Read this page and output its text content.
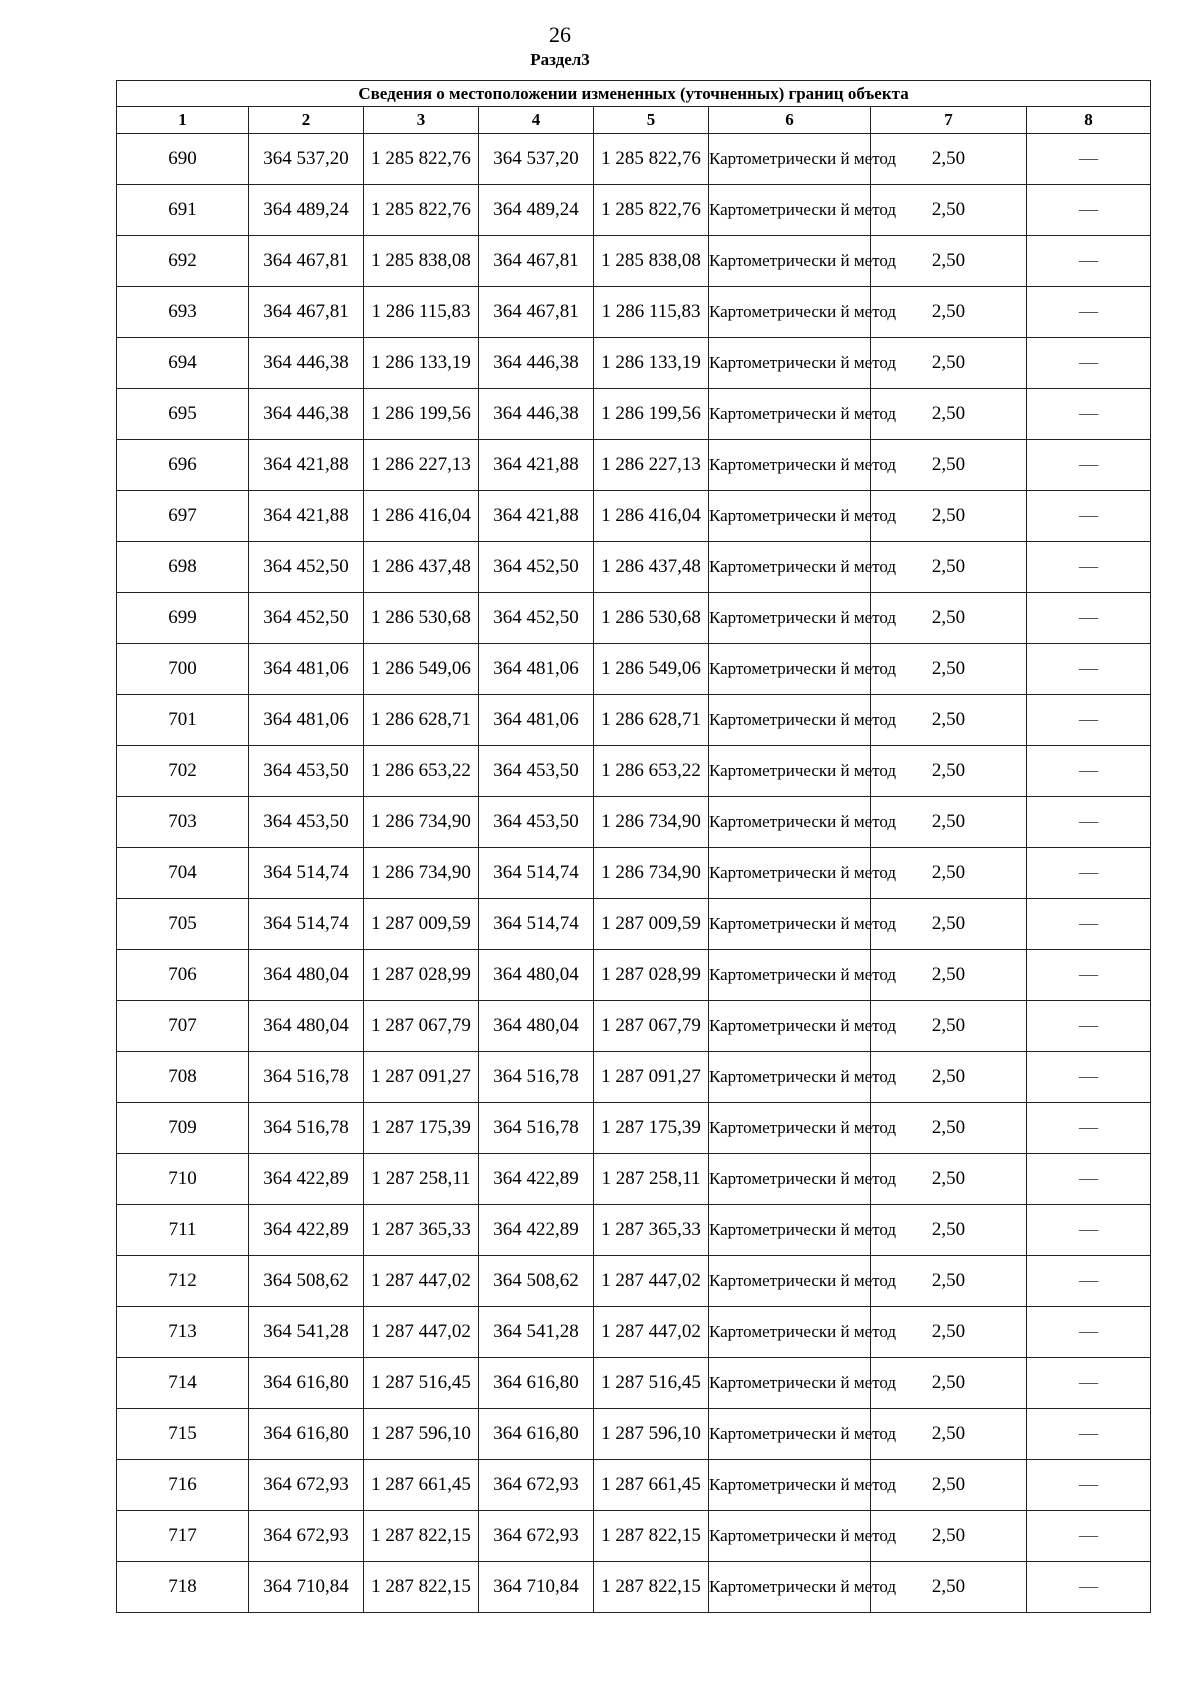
26
Раздел3
Сведения о местоположении измененных (уточненных) границ объекта							
1	2	3	4	5	6	7	8
690	364 537,20	1 285 822,76	364 537,20	1 285 822,76	Картометрически й метод	2,50	—
691	364 489,24	1 285 822,76	364 489,24	1 285 822,76	Картометрически й метод	2,50	—
692	364 467,81	1 285 838,08	364 467,81	1 285 838,08	Картометрически й метод	2,50	—
693	364 467,81	1 286 115,83	364 467,81	1 286 115,83	Картометрически й метод	2,50	—
694	364 446,38	1 286 133,19	364 446,38	1 286 133,19	Картометрически й метод	2,50	—
695	364 446,38	1 286 199,56	364 446,38	1 286 199,56	Картометрически й метод	2,50	—
696	364 421,88	1 286 227,13	364 421,88	1 286 227,13	Картометрически й метод	2,50	—
697	364 421,88	1 286 416,04	364 421,88	1 286 416,04	Картометрически й метод	2,50	—
698	364 452,50	1 286 437,48	364 452,50	1 286 437,48	Картометрически й метод	2,50	—
699	364 452,50	1 286 530,68	364 452,50	1 286 530,68	Картометрически й метод	2,50	—
700	364 481,06	1 286 549,06	364 481,06	1 286 549,06	Картометрически й метод	2,50	—
701	364 481,06	1 286 628,71	364 481,06	1 286 628,71	Картометрически й метод	2,50	—
702	364 453,50	1 286 653,22	364 453,50	1 286 653,22	Картометрически й метод	2,50	—
703	364 453,50	1 286 734,90	364 453,50	1 286 734,90	Картометрически й метод	2,50	—
704	364 514,74	1 286 734,90	364 514,74	1 286 734,90	Картометрически й метод	2,50	—
705	364 514,74	1 287 009,59	364 514,74	1 287 009,59	Картометрически й метод	2,50	—
706	364 480,04	1 287 028,99	364 480,04	1 287 028,99	Картометрически й метод	2,50	—
707	364 480,04	1 287 067,79	364 480,04	1 287 067,79	Картометрически й метод	2,50	—
708	364 516,78	1 287 091,27	364 516,78	1 287 091,27	Картометрически й метод	2,50	—
709	364 516,78	1 287 175,39	364 516,78	1 287 175,39	Картометрически й метод	2,50	—
710	364 422,89	1 287 258,11	364 422,89	1 287 258,11	Картометрически й метод	2,50	—
711	364 422,89	1 287 365,33	364 422,89	1 287 365,33	Картометрически й метод	2,50	—
712	364 508,62	1 287 447,02	364 508,62	1 287 447,02	Картометрически й метод	2,50	—
713	364 541,28	1 287 447,02	364 541,28	1 287 447,02	Картометрически й метод	2,50	—
714	364 616,80	1 287 516,45	364 616,80	1 287 516,45	Картометрически й метод	2,50	—
715	364 616,80	1 287 596,10	364 616,80	1 287 596,10	Картометрически й метод	2,50	—
716	364 672,93	1 287 661,45	364 672,93	1 287 661,45	Картометрически й метод	2,50	—
717	364 672,93	1 287 822,15	364 672,93	1 287 822,15	Картометрически й метод	2,50	—
718	364 710,84	1 287 822,15	364 710,84	1 287 822,15	Картометрически й метод	2,50	—
